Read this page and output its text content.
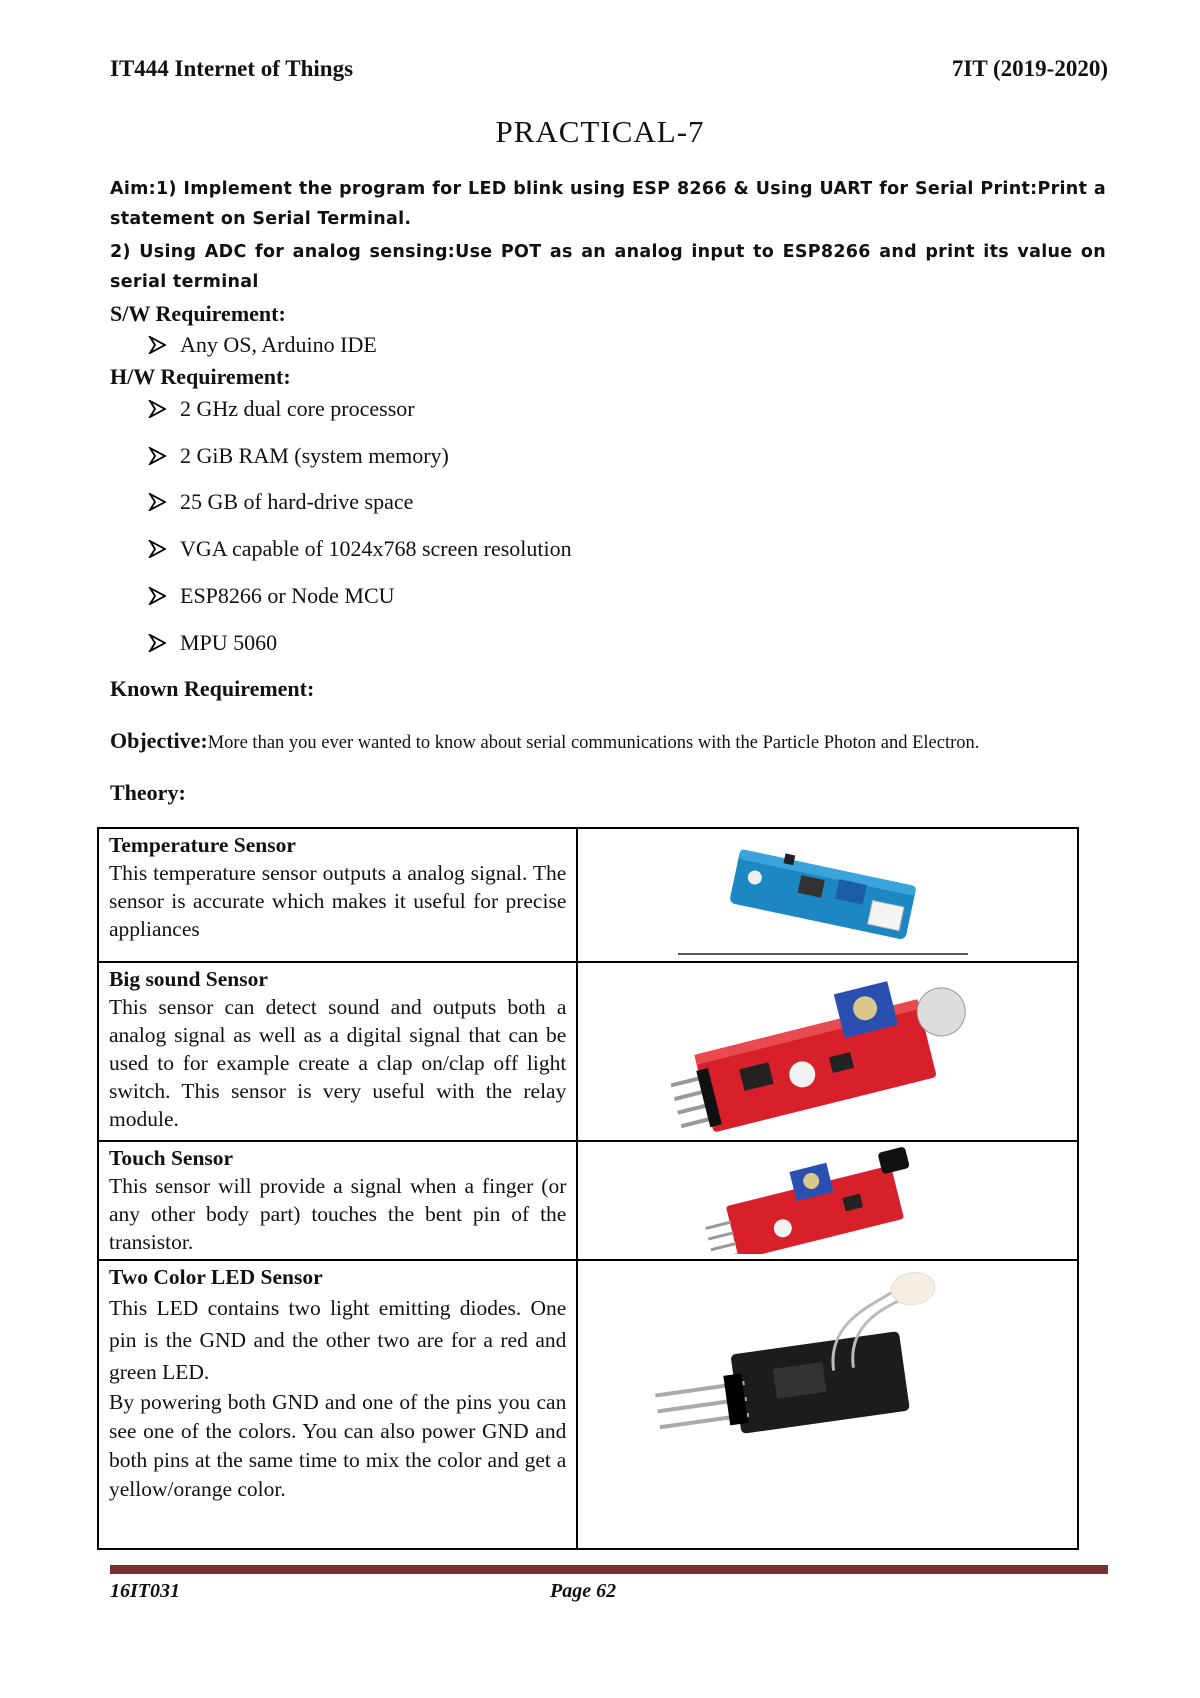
IT444 Internet of Things	7IT (2019-2020)
PRACTICAL-7
Aim:1) Implement the program for LED blink using ESP 8266 & Using UART for Serial Print:Print a statement on Serial Terminal.
2) Using ADC for analog sensing:Use POT as an analog input to ESP8266 and print its value on serial terminal
S/W Requirement:
Any OS, Arduino IDE
H/W Requirement:
2 GHz dual core processor
2 GiB RAM (system memory)
25 GB of hard-drive space
VGA capable of 1024x768 screen resolution
ESP8266 or Node MCU
MPU 5060
Known Requirement:
Objective:More than you ever wanted to know about serial communications with the Particle Photon and Electron.
Theory:
Temperature Sensor
This temperature sensor outputs a analog signal. The sensor is accurate which makes it useful for precise appliances

Big sound Sensor
This sensor can detect sound and outputs both a analog signal as well as a digital signal that can be used to for example create a clap on/clap off light switch. This sensor is very useful with the relay module.

Touch Sensor
This sensor will provide a signal when a finger (or any other body part) touches the bent pin of the transistor.

Two Color LED Sensor
This LED contains two light emitting diodes. One pin is the GND and the other two are for a red and green LED.
By powering both GND and one of the pins you can see one of the colors. You can also power GND and both pins at the same time to mix the color and get a yellow/orange color.

16IT031	Page 62
